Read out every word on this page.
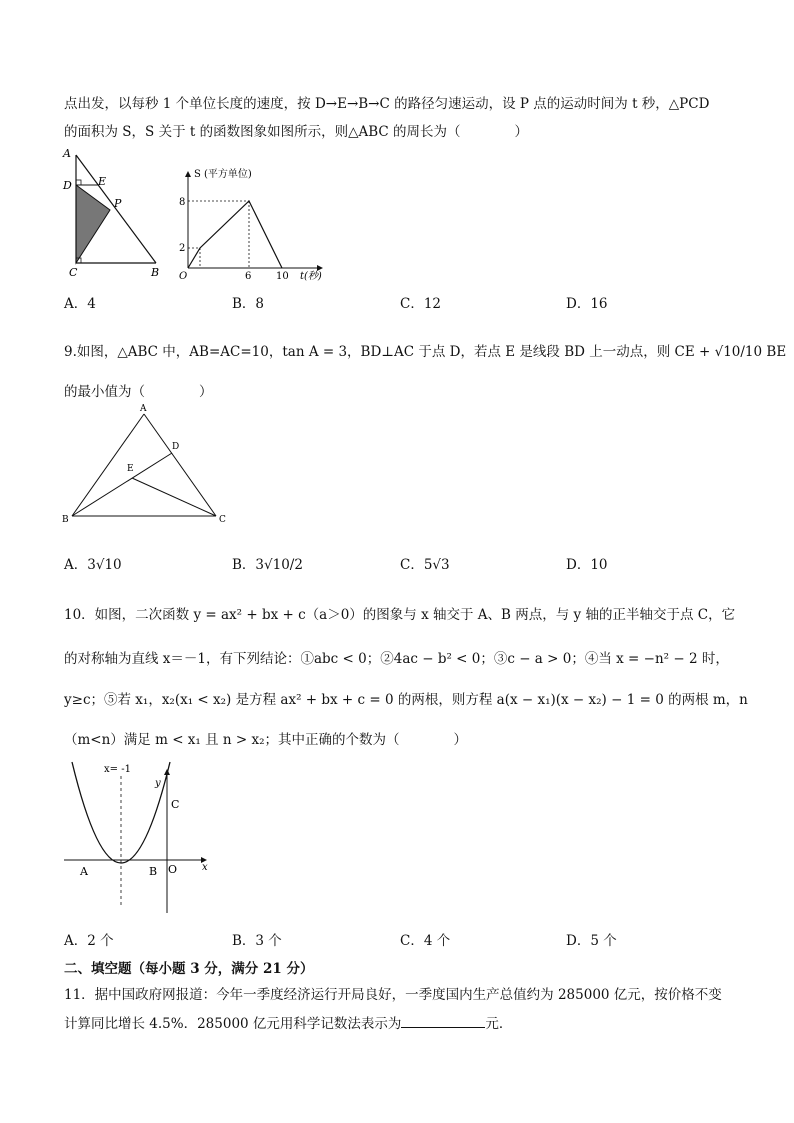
点出发，以每秒 1 个单位长度的速度，按 D→E→B→C 的路径匀速运动，设 P 点的运动时间为 t 秒，△PCD
的面积为 S，S 关于 t 的函数图象如图所示，则△ABC 的周长为（　　　　）
A
D E
P
C	B
S (平方单位)
8
2
O	6 10 t(秒)
A．4	B．8	C．12	D．16
9.如图，△ABC 中，AB=AC=10，tan A = 3，BD⊥AC 于点 D，若点 E 是线段 BD 上一动点，则 CE + √10/10 BE
的最小值为（　　　　）
A
D
E
B	C
A．3√10	B．3√10/2	C．5√3	D．10
10．如图，二次函数 y = ax² + bx + c（a＞0）的图象与 x 轴交于 A、B 两点，与 y 轴的正半轴交于点 C，它
的对称轴为直线 x＝－1，有下列结论：①abc < 0；②4ac − b² < 0；③c − a > 0；④当 x = −n² − 2 时，
y≥c；⑤若 x₁，x₂(x₁ < x₂) 是方程 ax² + bx + c = 0 的两根，则方程 a(x − x₁)(x − x₂) − 1 = 0 的两根 m，n
（m<n）满足 m < x₁ 且 n > x₂；其中正确的个数为（　　　　）
x= -1
y
C
A	B O x
A．2 个	B．3 个	C．4 个	D．5 个
二、填空题（每小题 3 分，满分 21 分）
11．据中国政府网报道：今年一季度经济运行开局良好，一季度国内生产总值约为 285000 亿元，按价格不变
计算同比增长 4.5%．285000 亿元用科学记数法表示为	元．
